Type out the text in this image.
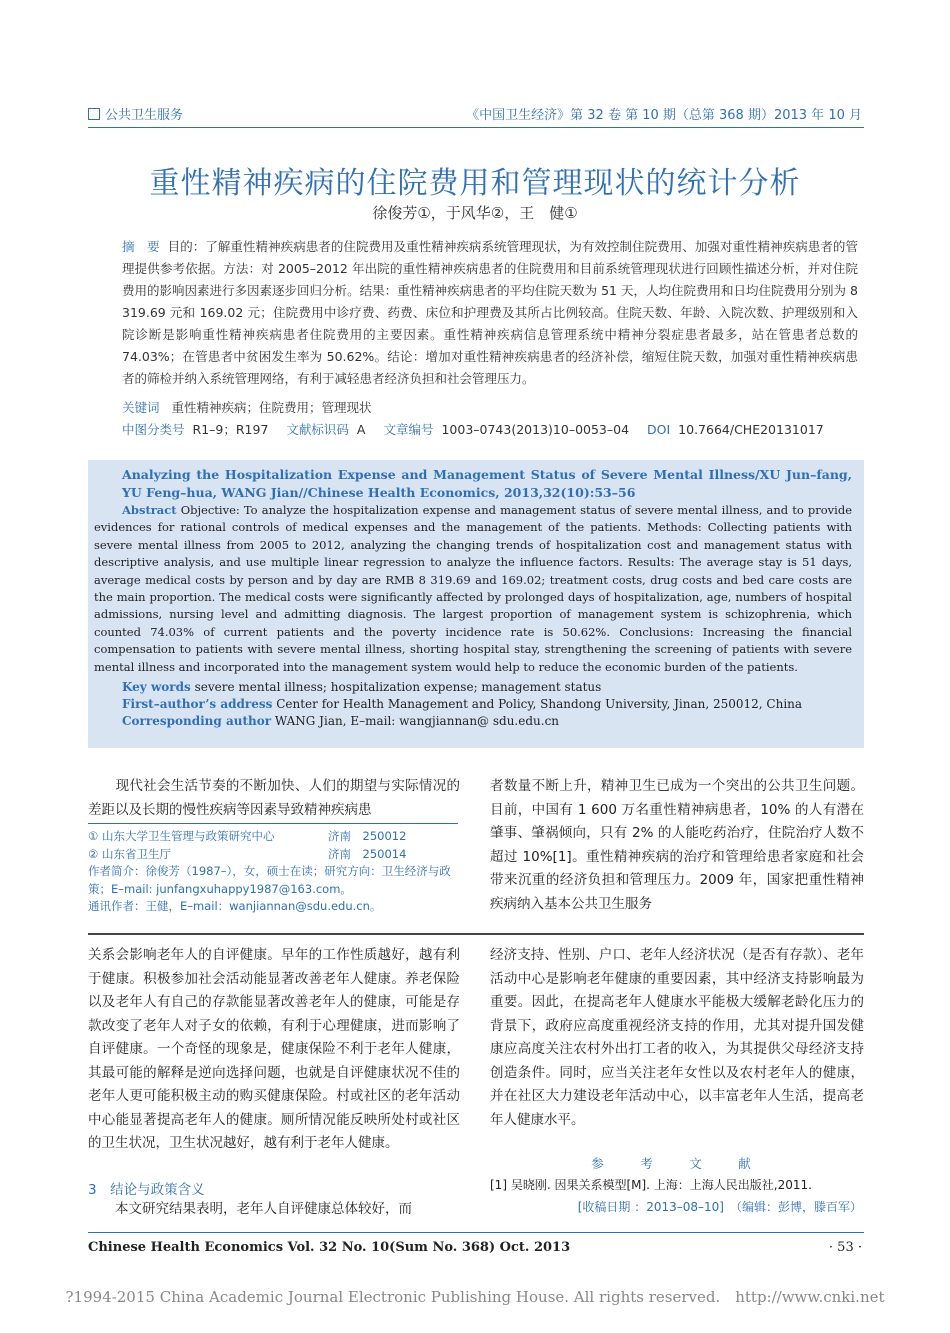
公共卫生服务	《中国卫生经济》第 32 卷 第 10 期（总第 368 期）2013 年 10 月
重性精神疾病的住院费用和管理现状的统计分析
徐俊芳①，于风华②，王　健①
摘　要 目的：了解重性精神疾病患者的住院费用及重性精神疾病系统管理现状，为有效控制住院费用、加强对重性精神疾病患者的管理提供参考依据。方法：对 2005–2012 年出院的重性精神疾病患者的住院费用和目前系统管理现状进行回顾性描述分析，并对住院费用的影响因素进行多因素逐步回归分析。结果：重性精神疾病患者的平均住院天数为 51 天，人均住院费用和日均住院费用分别为 8 319.69 元和 169.02 元；住院费用中诊疗费、药费、床位和护理费及其所占比例较高。住院天数、年龄、入院次数、护理级别和入院诊断是影响重性精神疾病患者住院费用的主要因素。重性精神疾病信息管理系统中精神分裂症患者最多，站在管患者总数的 74.03%；在管患者中贫困发生率为 50.62%。结论：增加对重性精神疾病患者的经济补偿，缩短住院天数，加强对重性精神疾病患者的筛检并纳入系统管理网络，有利于减轻患者经济负担和社会管理压力。
关键词 重性精神疾病；住院费用；管理现状
中图分类号 R1–9；R197 文献标识码 A 文章编号 1003–0743(2013)10–0053–04 DOI 10.7664/CHE20131017
Analyzing the Hospitalization Expense and Management Status of Severe Mental Illness/XU Jun–fang, YU Feng–hua, WANG Jian//Chinese Health Economics, 2013,32(10):53–56
Abstract Objective: To analyze the hospitalization expense and management status of severe mental illness, and to provide evidences for rational controls of medical expenses and the management of the patients. Methods: Collecting patients with severe mental illness from 2005 to 2012, analyzing the changing trends of hospitalization cost and management status with descriptive analysis, and use multiple linear regression to analyze the influence factors. Results: The average stay is 51 days, average medical costs by person and by day are RMB 8 319.69 and 169.02; treatment costs, drug costs and bed care costs are the main proportion. The medical costs were significantly affected by prolonged days of hospitalization, age, numbers of hospital admissions, nursing level and admitting diagnosis. The largest proportion of management system is schizophrenia, which counted 74.03% of current patients and the poverty incidence rate is 50.62%. Conclusions: Increasing the financial compensation to patients with severe mental illness, shorting hospital stay, strengthening the screening of patients with severe mental illness and incorporated into the management system would help to reduce the economic burden of the patients.
Key words severe mental illness; hospitalization expense; management status
First–author’s address Center for Health Management and Policy, Shandong University, Jinan, 250012, China
Corresponding author WANG Jian, E–mail: wangjiannan@ sdu.edu.cn
　　现代社会生活节奏的不断加快、人们的期望与实际情况的差距以及长期的慢性疾病等因素导致精神疾病患
者数量不断上升，精神卫生已成为一个突出的公共卫生问题。目前，中国有 1 600 万名重性精神病患者，10% 的人有潜在肇事、肇祸倾向，只有 2% 的人能吃药治疗，住院治疗人数不超过 10%[1]。重性精神疾病的治疗和管理给患者家庭和社会带来沉重的经济负担和管理压力。2009 年，国家把重性精神疾病纳入基本公共卫生服务
① 山东大学卫生管理与政策研究中心	济南　250012
② 山东省卫生厅	济南　250014
作者简介：徐俊芳（1987–），女，硕士在读；研究方向：卫生经济与政策；E–mail: junfangxuhappy1987@163.com。
通讯作者：王健，E–mail：wanjiannan@sdu.edu.cn。
关系会影响老年人的自评健康。早年的工作性质越好，越有利于健康。积极参加社会活动能显著改善老年人健康。养老保险以及老年人有自己的存款能显著改善老年人的健康，可能是存款改变了老年人对子女的依赖，有利于心理健康，进而影响了自评健康。一个奇怪的现象是，健康保险不利于老年人健康，其最可能的解释是逆向选择问题，也就是自评健康状况不佳的老年人更可能积极主动的购买健康保险。村或社区的老年活动中心能显著提高老年人的健康。厕所情况能反映所处村或社区的卫生状况，卫生状况越好，越有利于老年人健康。
3　结论与政策含义
　　本文研究结果表明，老年人自评健康总体较好，而
经济支持、性别、户口、老年人经济状况（是否有存款）、老年活动中心是影响老年健康的重要因素，其中经济支持影响最为重要。因此，在提高老年人健康水平能极大缓解老龄化压力的背景下，政府应高度重视经济支持的作用，尤其对提升国发健康应高度关注农村外出打工者的收入，为其提供父母经济支持创造条件。同时，应当关注老年女性以及农村老年人的健康，并在社区大力建设老年活动中心，以丰富老年人生活，提高老年人健康水平。
参　考　文　献
[1] 吴晓刚. 因果关系模型[M]. 上海：上海人民出版社,2011.
[收稿日期 ：2013–08–10]　（编辑：彭博，滕百军）
Chinese Health Economics Vol. 32 No. 10(Sum No. 368) Oct. 2013	· 53 ·
?1994-2015 China Academic Journal Electronic Publishing House. All rights reserved.　http://www.cnki.net
